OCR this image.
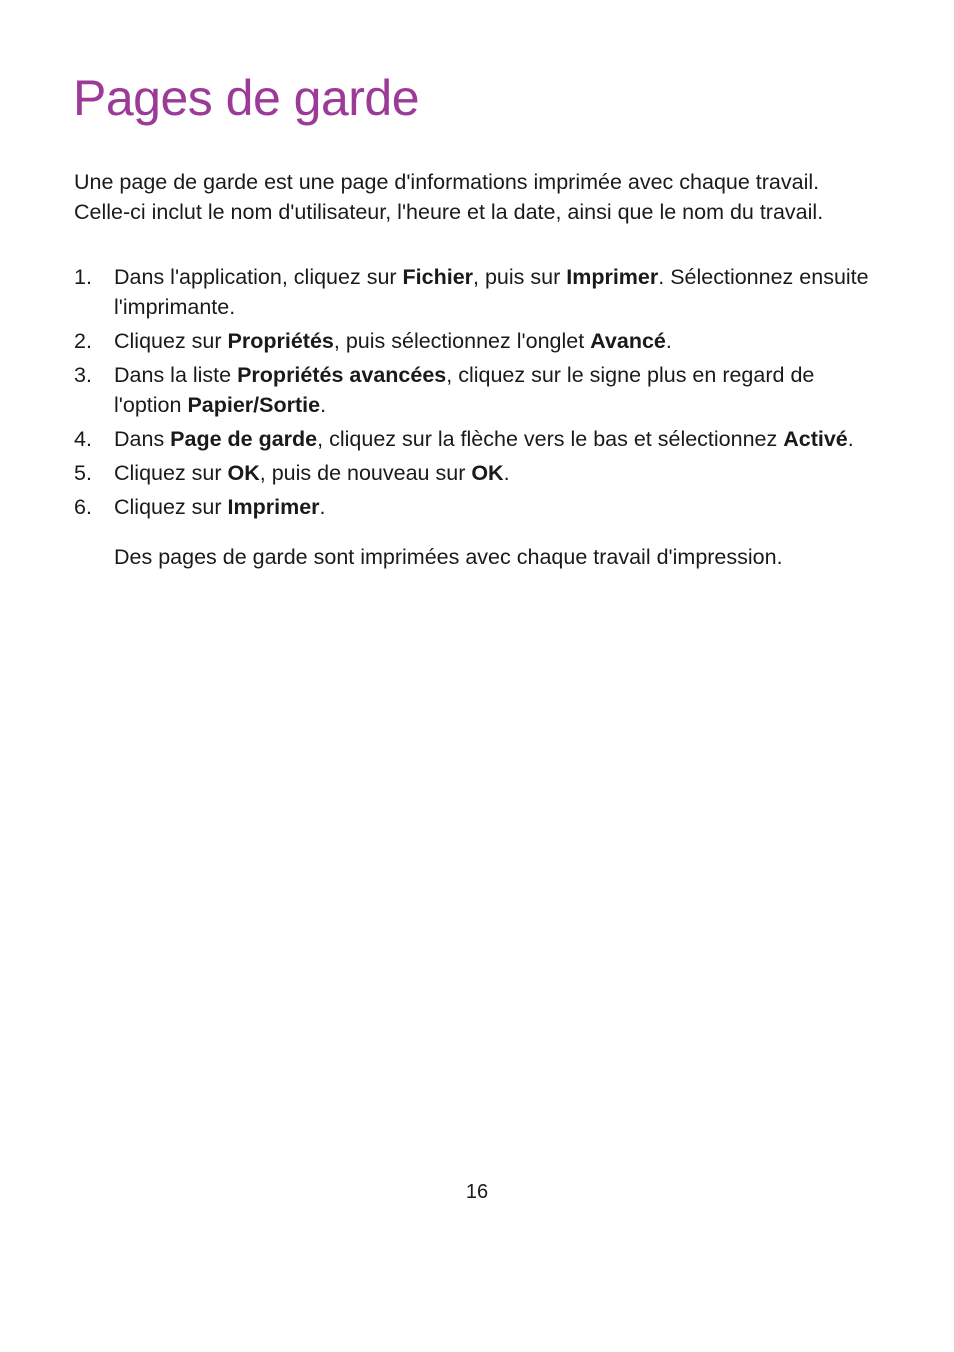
Pages de garde

Une page de garde est une page d'informations imprimée avec chaque travail. Celle-ci inclut le nom d'utilisateur, l'heure et la date, ainsi que le nom du travail.

1. Dans l'application, cliquez sur Fichier, puis sur Imprimer. Sélectionnez ensuite l'imprimante.
2. Cliquez sur Propriétés, puis sélectionnez l'onglet Avancé.
3. Dans la liste Propriétés avancées, cliquez sur le signe plus en regard de l'option Papier/Sortie.
4. Dans Page de garde, cliquez sur la flèche vers le bas et sélectionnez Activé.
5. Cliquez sur OK, puis de nouveau sur OK.
6. Cliquez sur Imprimer.

Des pages de garde sont imprimées avec chaque travail d'impression.

16
